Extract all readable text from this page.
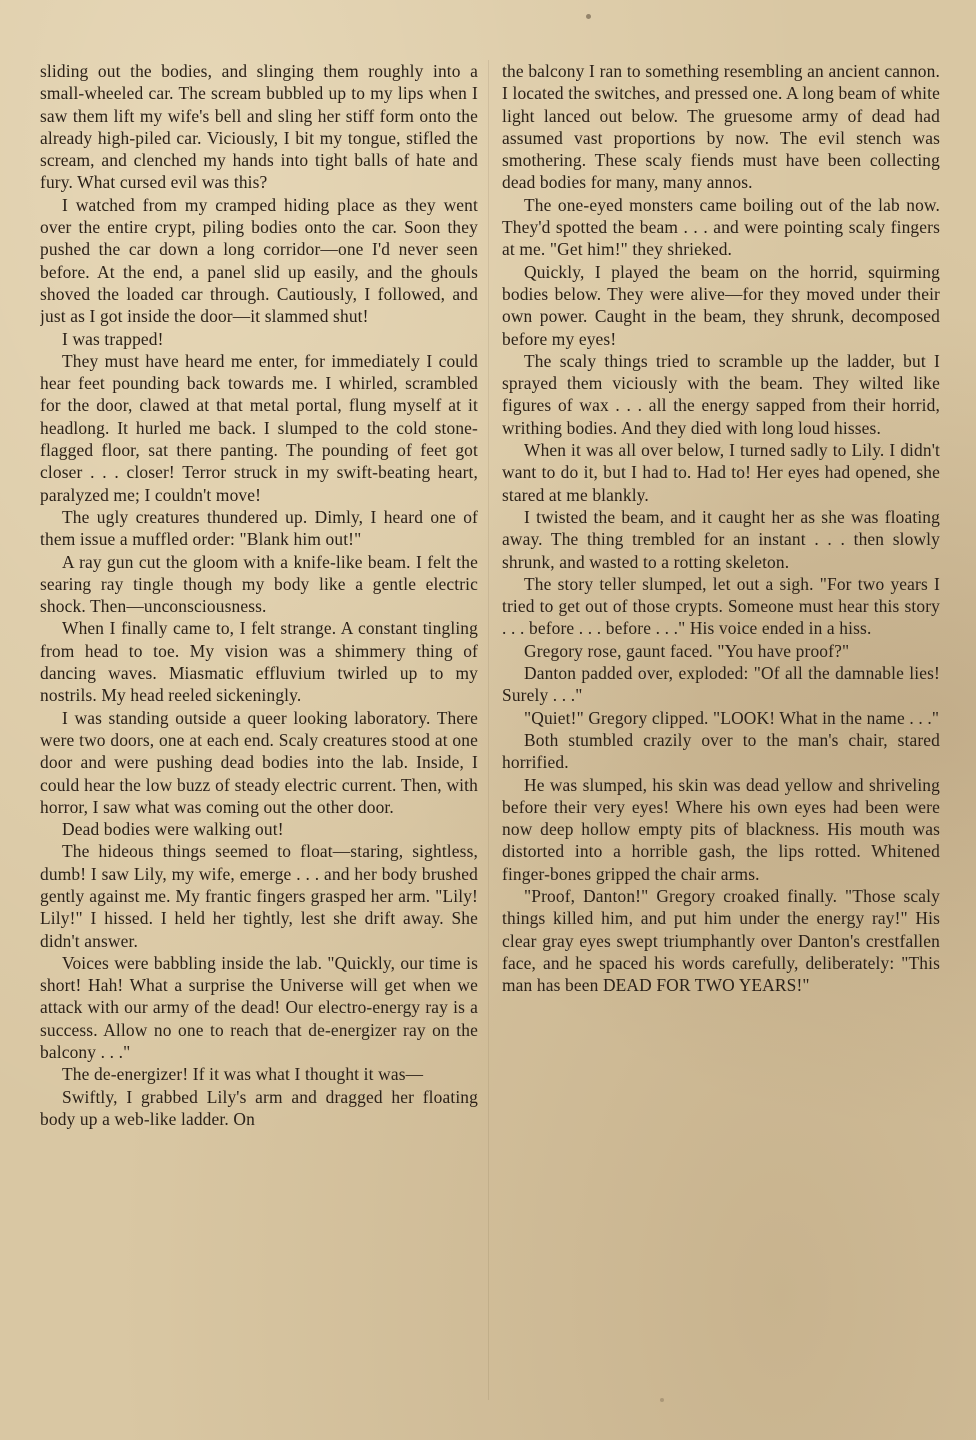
sliding out the bodies, and slinging them roughly into a small-wheeled car. The scream bubbled up to my lips when I saw them lift my wife's bell and sling her stiff form onto the already high-piled car. Viciously, I bit my tongue, stifled the scream, and clenched my hands into tight balls of hate and fury. What cursed evil was this?

I watched from my cramped hiding place as they went over the entire crypt, piling bodies onto the car. Soon they pushed the car down a long corridor—one I'd never seen before. At the end, a panel slid up easily, and the ghouls shoved the loaded car through. Cautiously, I followed, and just as I got inside the door—it slammed shut!

I was trapped!

They must have heard me enter, for immediately I could hear feet pounding back towards me. I whirled, scrambled for the door, clawed at that metal portal, flung myself at it headlong. It hurled me back. I slumped to the cold stone-flagged floor, sat there panting. The pounding of feet got closer . . . closer! Terror struck in my swift-beating heart, paralyzed me; I couldn't move!

The ugly creatures thundered up. Dimly, I heard one of them issue a muffled order: "Blank him out!"

A ray gun cut the gloom with a knife-like beam. I felt the searing ray tingle though my body like a gentle electric shock. Then—unconsciousness.

When I finally came to, I felt strange. A constant tingling from head to toe. My vision was a shimmery thing of dancing waves. Miasmatic effluvium twirled up to my nostrils. My head reeled sickeningly.

I was standing outside a queer looking laboratory. There were two doors, one at each end. Scaly creatures stood at one door and were pushing dead bodies into the lab. Inside, I could hear the low buzz of steady electric current. Then, with horror, I saw what was coming out the other door.

Dead bodies were walking out!

The hideous things seemed to float—staring, sightless, dumb! I saw Lily, my wife, emerge . . . and her body brushed gently against me. My frantic fingers grasped her arm. "Lily! Lily!" I hissed. I held her tightly, lest she drift away. She didn't answer.

Voices were babbling inside the lab. "Quickly, our time is short! Hah! What a surprise the Universe will get when we attack with our army of the dead! Our electro-energy ray is a success. Allow no one to reach that de-energizer ray on the balcony . . ."

The de-energizer! If it was what I thought it was—

Swiftly, I grabbed Lily's arm and dragged her floating body up a web-like ladder. On

the balcony I ran to something resembling an ancient cannon. I located the switches, and pressed one. A long beam of white light lanced out below. The gruesome army of dead had assumed vast proportions by now. The evil stench was smothering. These scaly fiends must have been collecting dead bodies for many, many annos.

The one-eyed monsters came boiling out of the lab now. They'd spotted the beam . . . and were pointing scaly fingers at me. "Get him!" they shrieked.

Quickly, I played the beam on the horrid, squirming bodies below. They were alive—for they moved under their own power. Caught in the beam, they shrunk, decomposed before my eyes!

The scaly things tried to scramble up the ladder, but I sprayed them viciously with the beam. They wilted like figures of wax . . . all the energy sapped from their horrid, writhing bodies. And they died with long loud hisses.

When it was all over below, I turned sadly to Lily. I didn't want to do it, but I had to. Had to! Her eyes had opened, she stared at me blankly.

I twisted the beam, and it caught her as she was floating away. The thing trembled for an instant . . . then slowly shrunk, and wasted to a rotting skeleton.

The story teller slumped, let out a sigh. "For two years I tried to get out of those crypts. Someone must hear this story . . . before . . . before . . ." His voice ended in a hiss.

Gregory rose, gaunt faced. "You have proof?"

Danton padded over, exploded: "Of all the damnable lies! Surely . . ."

"Quiet!" Gregory clipped. "LOOK! What in the name . . ."

Both stumbled crazily over to the man's chair, stared horrified.

He was slumped, his skin was dead yellow and shriveling before their very eyes! Where his own eyes had been were now deep hollow empty pits of blackness. His mouth was distorted into a horrible gash, the lips rotted. Whitened finger-bones gripped the chair arms.

"Proof, Danton!" Gregory croaked finally. "Those scaly things killed him, and put him under the energy ray!" His clear gray eyes swept triumphantly over Danton's crestfallen face, and he spaced his words carefully, deliberately: "This man has been DEAD FOR TWO YEARS!"
